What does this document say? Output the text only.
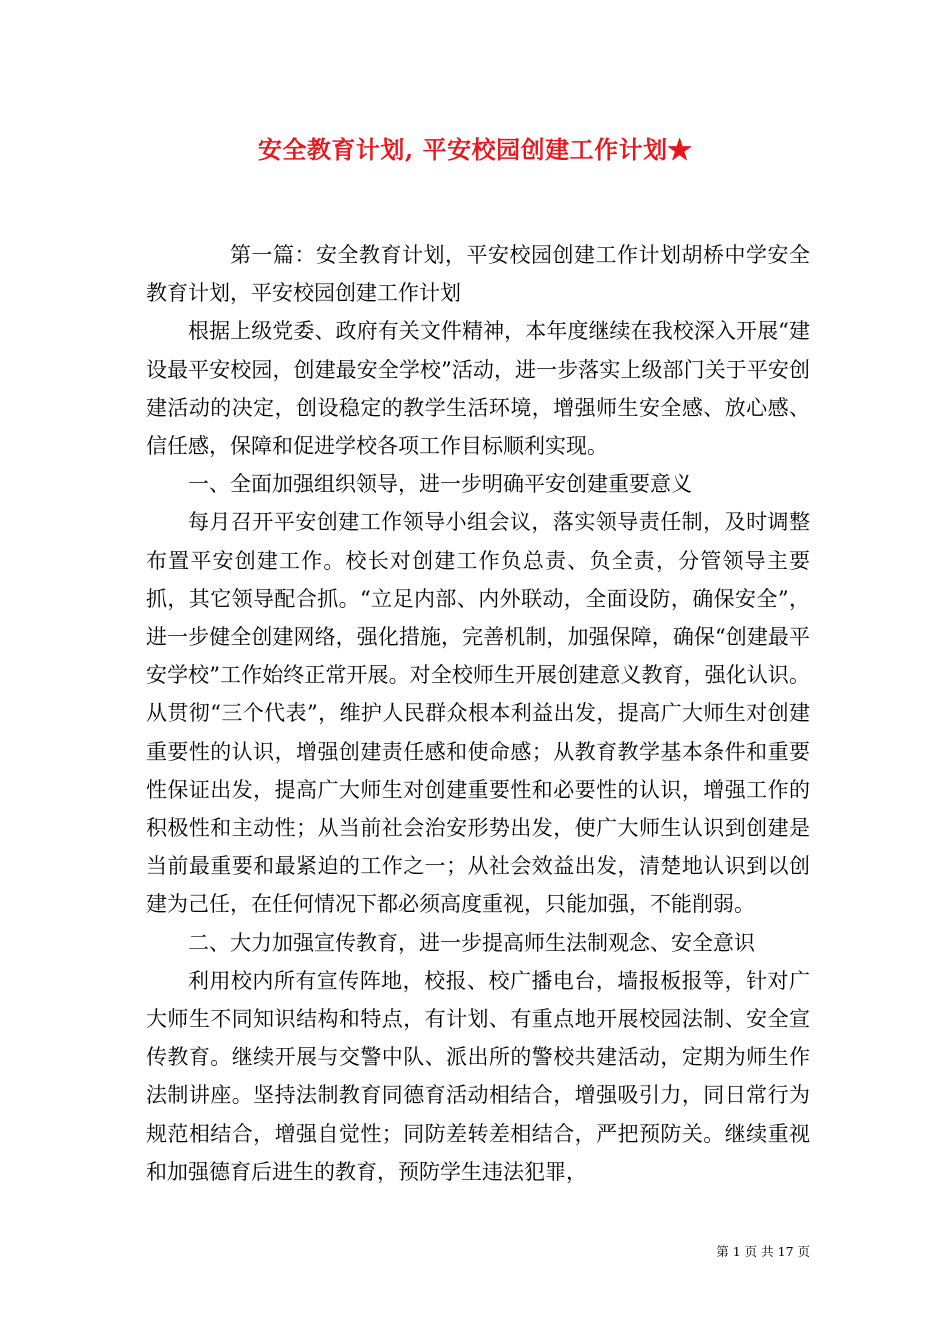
安全教育计划, 平安校园创建工作计划★

第一篇：安全教育计划，平安校园创建工作计划胡桥中学安全教育计划，平安校园创建工作计划

根据上级党委、政府有关文件精神，本年度继续在我校深入开展“建设最平安校园，创建最安全学校”活动，进一步落实上级部门关于平安创建活动的决定，创设稳定的教学生活环境，增强师生安全感、放心感、信任感，保障和促进学校各项工作目标顺利实现。

一、全面加强组织领导，进一步明确平安创建重要意义

每月召开平安创建工作领导小组会议，落实领导责任制，及时调整布置平安创建工作。校长对创建工作负总责、负全责，分管领导主要抓，其它领导配合抓。“立足内部、内外联动，全面设防，确保安全”，进一步健全创建网络，强化措施，完善机制，加强保障，确保“创建最平安学校”工作始终正常开展。对全校师生开展创建意义教育，强化认识。从贯彻“三个代表”，维护人民群众根本利益出发，提高广大师生对创建重要性的认识，增强创建责任感和使命感；从教育教学基本条件和重要性保证出发，提高广大师生对创建重要性和必要性的认识，增强工作的积极性和主动性；从当前社会治安形势出发，使广大师生认识到创建是当前最重要和最紧迫的工作之一；从社会效益出发，清楚地认识到以创建为己任，在任何情况下都必须高度重视，只能加强，不能削弱。

二、大力加强宣传教育，进一步提高师生法制观念、安全意识

利用校内所有宣传阵地，校报、校广播电台，墙报板报等，针对广大师生不同知识结构和特点，有计划、有重点地开展校园法制、安全宣传教育。继续开展与交警中队、派出所的警校共建活动，定期为师生作法制讲座。坚持法制教育同德育活动相结合，增强吸引力，同日常行为规范相结合，增强自觉性；同防差转差相结合，严把预防关。继续重视和加强德育后进生的教育，预防学生违法犯罪，

第 1 页 共 17 页
